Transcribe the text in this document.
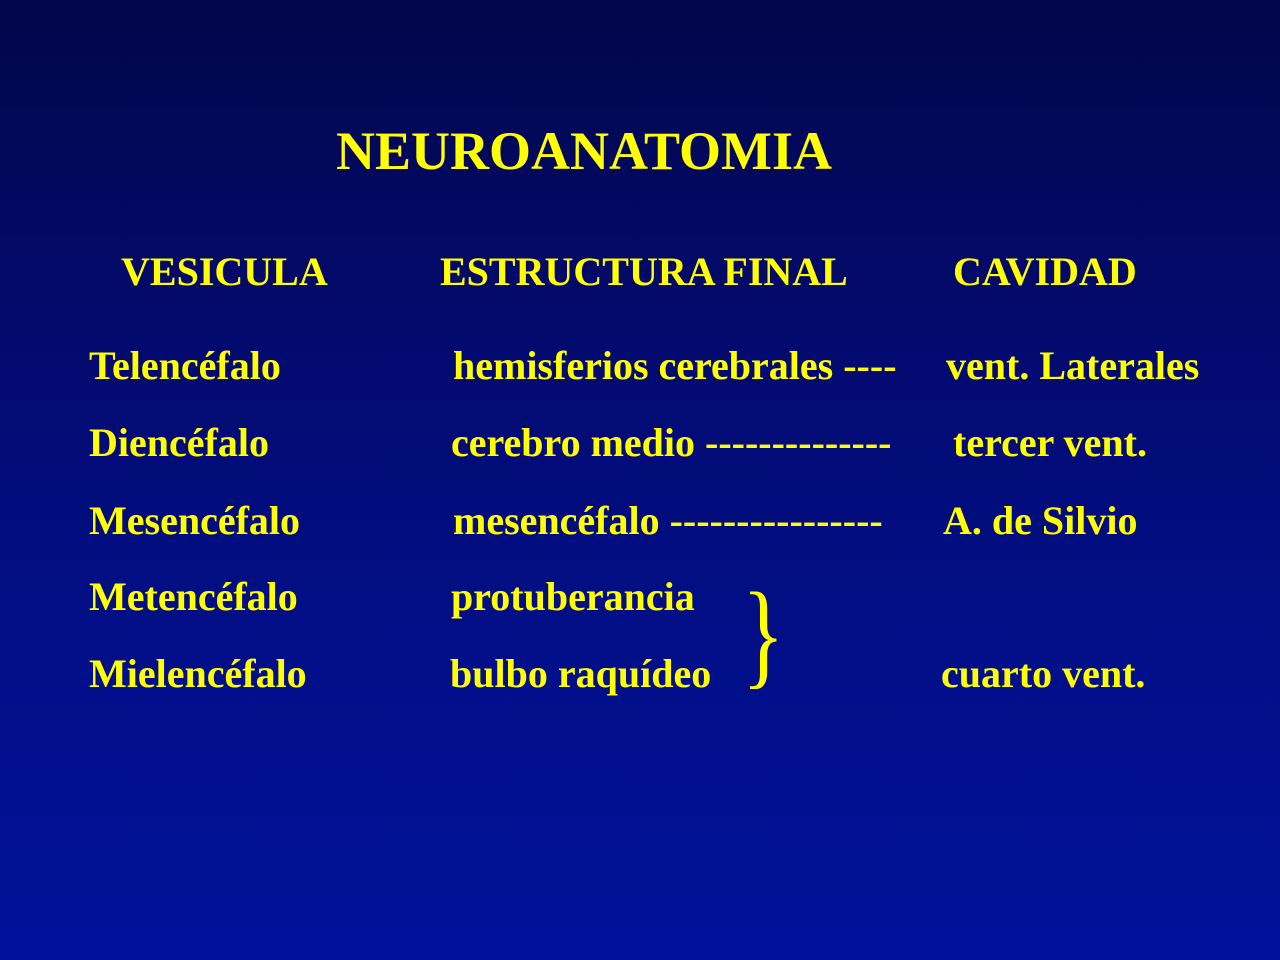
NEUROANATOMIA
VESICULA	ESTRUCTURA FINAL	CAVIDAD
Telencéfalo	hemisferios cerebrales ---- vent. Laterales
Diencéfalo	cerebro medio -------------- tercer vent.
Mesencéfalo	mesencéfalo ---------------- A. de Silvio
Metencéfalo	protuberancia }
Mielencéfalo	bulbo raquídeo	cuarto vent.
